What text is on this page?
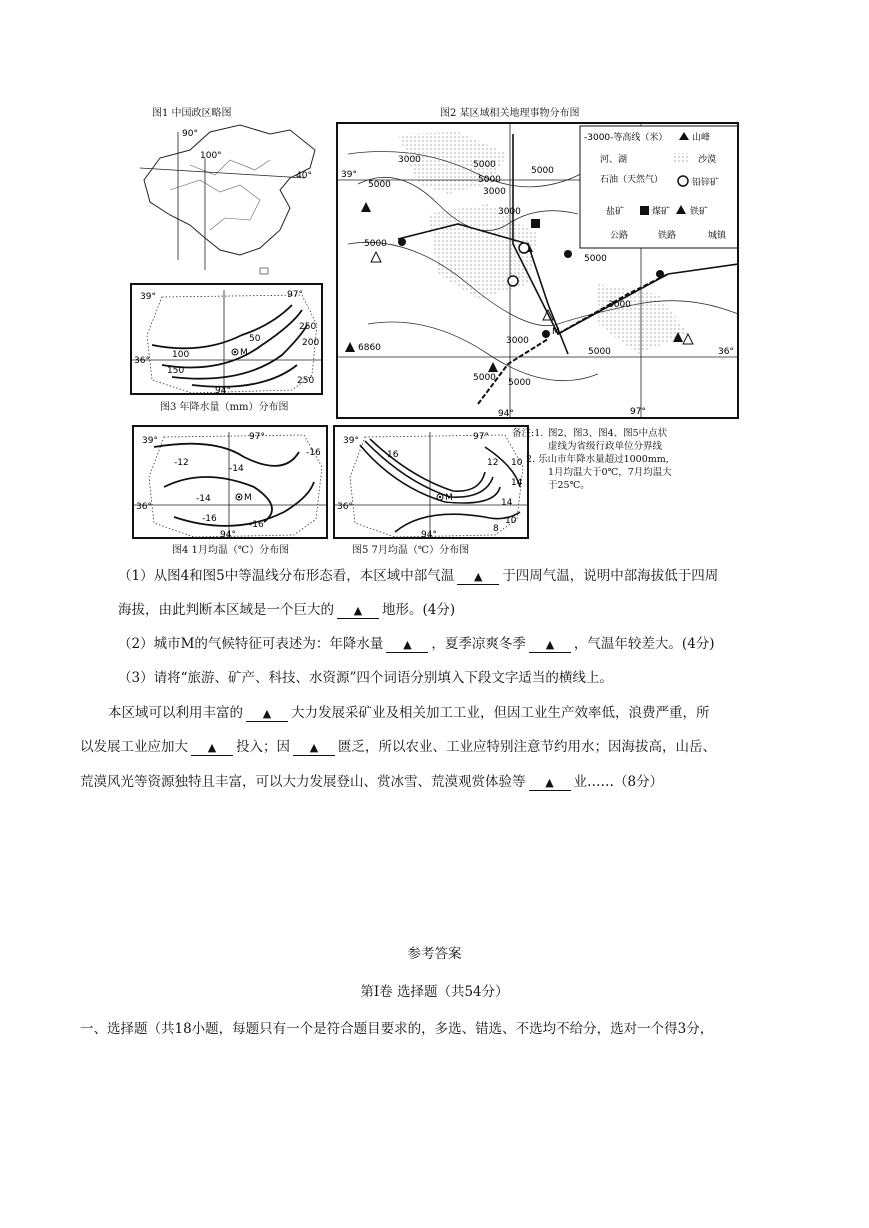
图1 中国政区略图
90°
100°
40°
图2 某区域相关地理事物分布图
3000
5000
5000
5000
3000
5000
3000
5000
5000
3000
3000
5000
6860
5000 5000
39°
36°
94°	97°
M
-3000-等高线（米）	山峰
河、湖	沙漠
石油（天然气）	铅锌矿
盐矿	煤矿 铁矿
公路	铁路	城镇
39°	97°
250
200
50
100
150
250
36°
94°
M
图3 年降水量（mm）分布图
39°	97°
-12
-14
-16
-14
-16
-16
36°
94°
M
图4 1月均温（℃）分布图
39°	97°
16
12 10
14
14
10
8
36°
94°
M
图5 7月均温（℃）分布图
备注:1. 图2、图3、图4、图5中点状
虚线为省级行政单位分界线
2. 乐山市年降水量超过1000mm,
1月均温大于0℃，7月均温大
于25℃。
（1）从图4和图5中等温线分布形态看，本区域中部气温 ▲ 于四周气温，说明中部海拔低于四周
海拔，由此判断本区域是一个巨大的 ▲ 地形。(4分)
（2）城市M的气候特征可表述为：年降水量 ▲ ，夏季凉爽冬季 ▲ ，气温年较差大。(4分)
（3）请将“旅游、矿产、科技、水资源”四个词语分别填入下段文字适当的横线上。
本区域可以利用丰富的 ▲ 大力发展采矿业及相关加工工业，但因工业生产效率低，浪费严重，所
以发展工业应加大 ▲ 投入；因 ▲ 匮乏，所以农业、工业应特别注意节约用水；因海拔高，山岳、
荒漠风光等资源独特且丰富，可以大力发展登山、赏冰雪、荒漠观赏体验等 ▲ 业……（8分）
参考答案
第Ⅰ卷 选择题（共54分）
一、选择题（共18小题，每题只有一个是符合题目要求的，多选、错选、不选均不给分，选对一个得3分，
